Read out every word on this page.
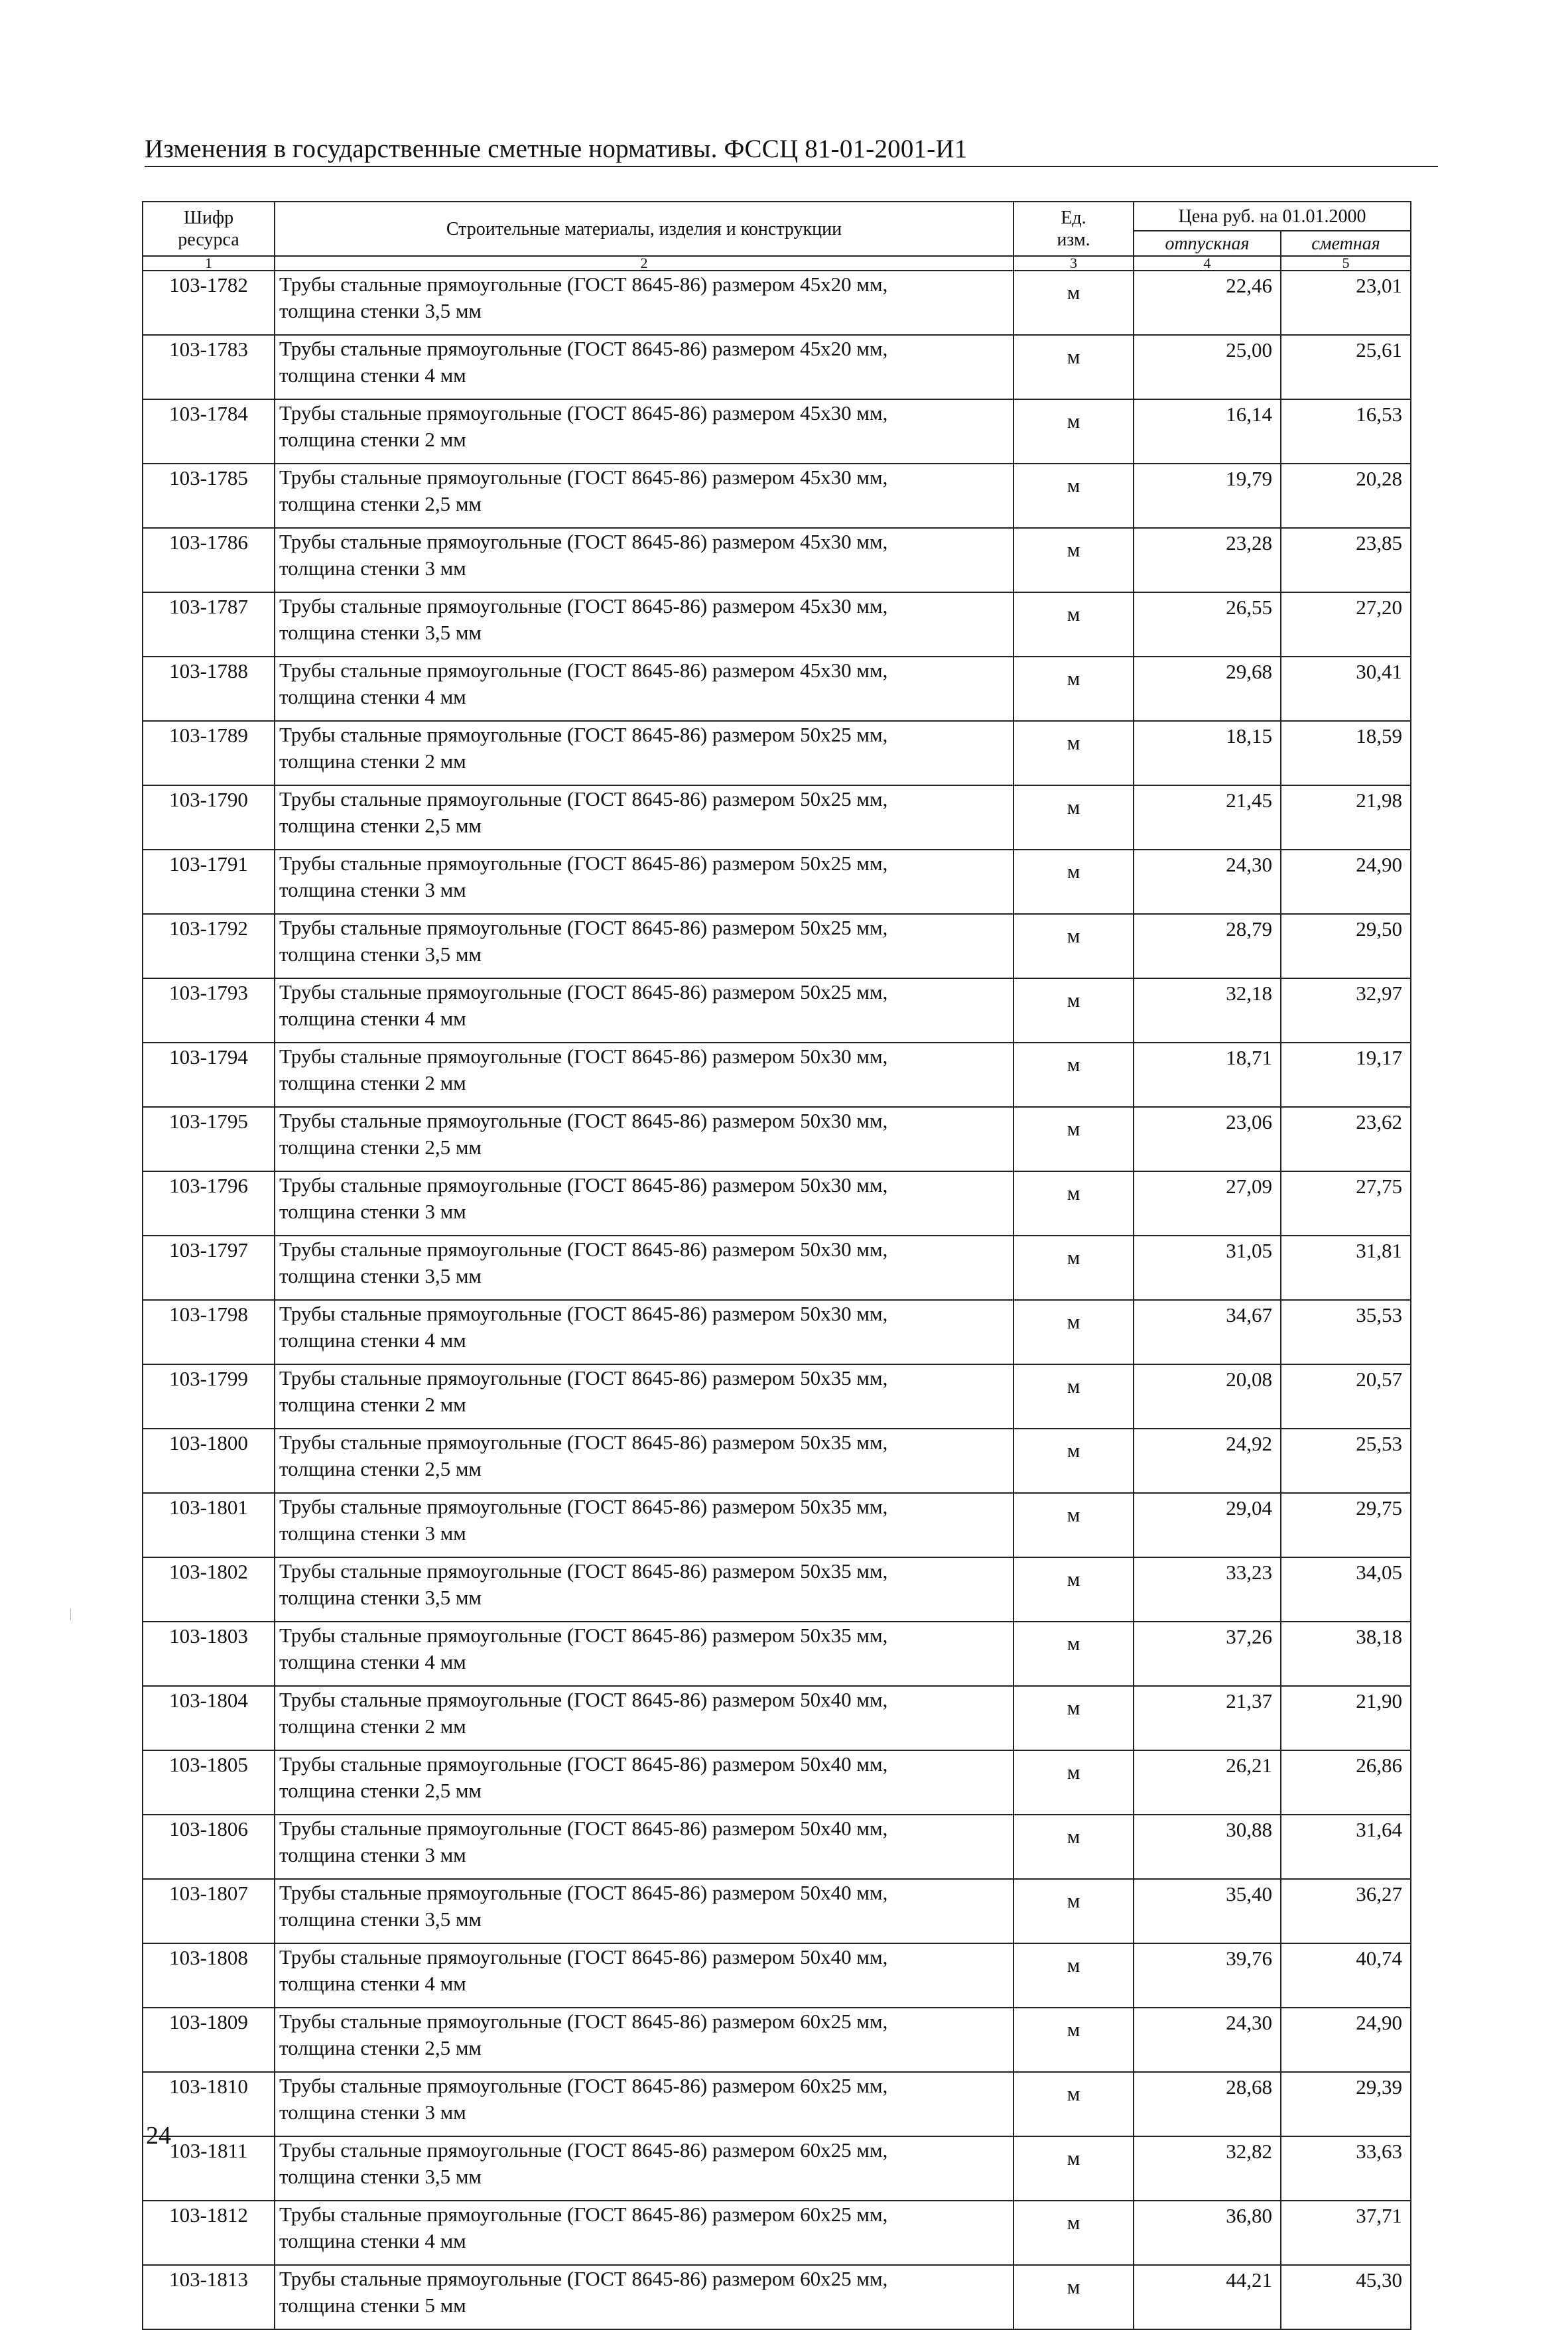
Изменения в государственные сметные нормативы. ФССЦ 81-01-2001-И1
Шифр ресурса	Строительные материалы, изделия и конструкции	Ед. изм.	Цена руб. на 01.01.2000	
			отпускная	сметная
1	2	3	4	5
103-1782	Трубы стальные прямоугольные (ГОСТ 8645-86) размером 45х20 мм,
толщина стенки 3,5 мм	м	22,46	23,01
103-1783	Трубы стальные прямоугольные (ГОСТ 8645-86) размером 45х20 мм,
толщина стенки 4 мм	м	25,00	25,61
103-1784	Трубы стальные прямоугольные (ГОСТ 8645-86) размером 45х30 мм,
толщина стенки 2 мм	м	16,14	16,53
103-1785	Трубы стальные прямоугольные (ГОСТ 8645-86) размером 45х30 мм,
толщина стенки 2,5 мм	м	19,79	20,28
103-1786	Трубы стальные прямоугольные (ГОСТ 8645-86) размером 45х30 мм,
толщина стенки 3 мм	м	23,28	23,85
103-1787	Трубы стальные прямоугольные (ГОСТ 8645-86) размером 45х30 мм,
толщина стенки 3,5 мм	м	26,55	27,20
103-1788	Трубы стальные прямоугольные (ГОСТ 8645-86) размером 45х30 мм,
толщина стенки 4 мм	м	29,68	30,41
103-1789	Трубы стальные прямоугольные (ГОСТ 8645-86) размером 50х25 мм,
толщина стенки 2 мм	м	18,15	18,59
103-1790	Трубы стальные прямоугольные (ГОСТ 8645-86) размером 50х25 мм,
толщина стенки 2,5 мм	м	21,45	21,98
103-1791	Трубы стальные прямоугольные (ГОСТ 8645-86) размером 50х25 мм,
толщина стенки 3 мм	м	24,30	24,90
103-1792	Трубы стальные прямоугольные (ГОСТ 8645-86) размером 50х25 мм,
толщина стенки 3,5 мм	м	28,79	29,50
103-1793	Трубы стальные прямоугольные (ГОСТ 8645-86) размером 50х25 мм,
толщина стенки 4 мм	м	32,18	32,97
103-1794	Трубы стальные прямоугольные (ГОСТ 8645-86) размером 50х30 мм,
толщина стенки 2 мм	м	18,71	19,17
103-1795	Трубы стальные прямоугольные (ГОСТ 8645-86) размером 50х30 мм,
толщина стенки 2,5 мм	м	23,06	23,62
103-1796	Трубы стальные прямоугольные (ГОСТ 8645-86) размером 50х30 мм,
толщина стенки 3 мм	м	27,09	27,75
103-1797	Трубы стальные прямоугольные (ГОСТ 8645-86) размером 50х30 мм,
толщина стенки 3,5 мм	м	31,05	31,81
103-1798	Трубы стальные прямоугольные (ГОСТ 8645-86) размером 50х30 мм,
толщина стенки 4 мм	м	34,67	35,53
103-1799	Трубы стальные прямоугольные (ГОСТ 8645-86) размером 50х35 мм,
толщина стенки 2 мм	м	20,08	20,57
103-1800	Трубы стальные прямоугольные (ГОСТ 8645-86) размером 50х35 мм,
толщина стенки 2,5 мм	м	24,92	25,53
103-1801	Трубы стальные прямоугольные (ГОСТ 8645-86) размером 50х35 мм,
толщина стенки 3 мм	м	29,04	29,75
103-1802	Трубы стальные прямоугольные (ГОСТ 8645-86) размером 50х35 мм,
толщина стенки 3,5 мм	м	33,23	34,05
103-1803	Трубы стальные прямоугольные (ГОСТ 8645-86) размером 50х35 мм,
толщина стенки 4 мм	м	37,26	38,18
103-1804	Трубы стальные прямоугольные (ГОСТ 8645-86) размером 50х40 мм,
толщина стенки 2 мм	м	21,37	21,90
103-1805	Трубы стальные прямоугольные (ГОСТ 8645-86) размером 50х40 мм,
толщина стенки 2,5 мм	м	26,21	26,86
103-1806	Трубы стальные прямоугольные (ГОСТ 8645-86) размером 50х40 мм,
толщина стенки 3 мм	м	30,88	31,64
103-1807	Трубы стальные прямоугольные (ГОСТ 8645-86) размером 50х40 мм,
толщина стенки 3,5 мм	м	35,40	36,27
103-1808	Трубы стальные прямоугольные (ГОСТ 8645-86) размером 50х40 мм,
толщина стенки 4 мм	м	39,76	40,74
103-1809	Трубы стальные прямоугольные (ГОСТ 8645-86) размером 60х25 мм,
толщина стенки 2,5 мм	м	24,30	24,90
103-1810	Трубы стальные прямоугольные (ГОСТ 8645-86) размером 60х25 мм,
толщина стенки 3 мм	м	28,68	29,39
103-1811	Трубы стальные прямоугольные (ГОСТ 8645-86) размером 60х25 мм,
толщина стенки 3,5 мм	м	32,82	33,63
103-1812	Трубы стальные прямоугольные (ГОСТ 8645-86) размером 60х25 мм,
толщина стенки 4 мм	м	36,80	37,71
103-1813	Трубы стальные прямоугольные (ГОСТ 8645-86) размером 60х25 мм,
толщина стенки 5 мм	м	44,21	45,30
24
